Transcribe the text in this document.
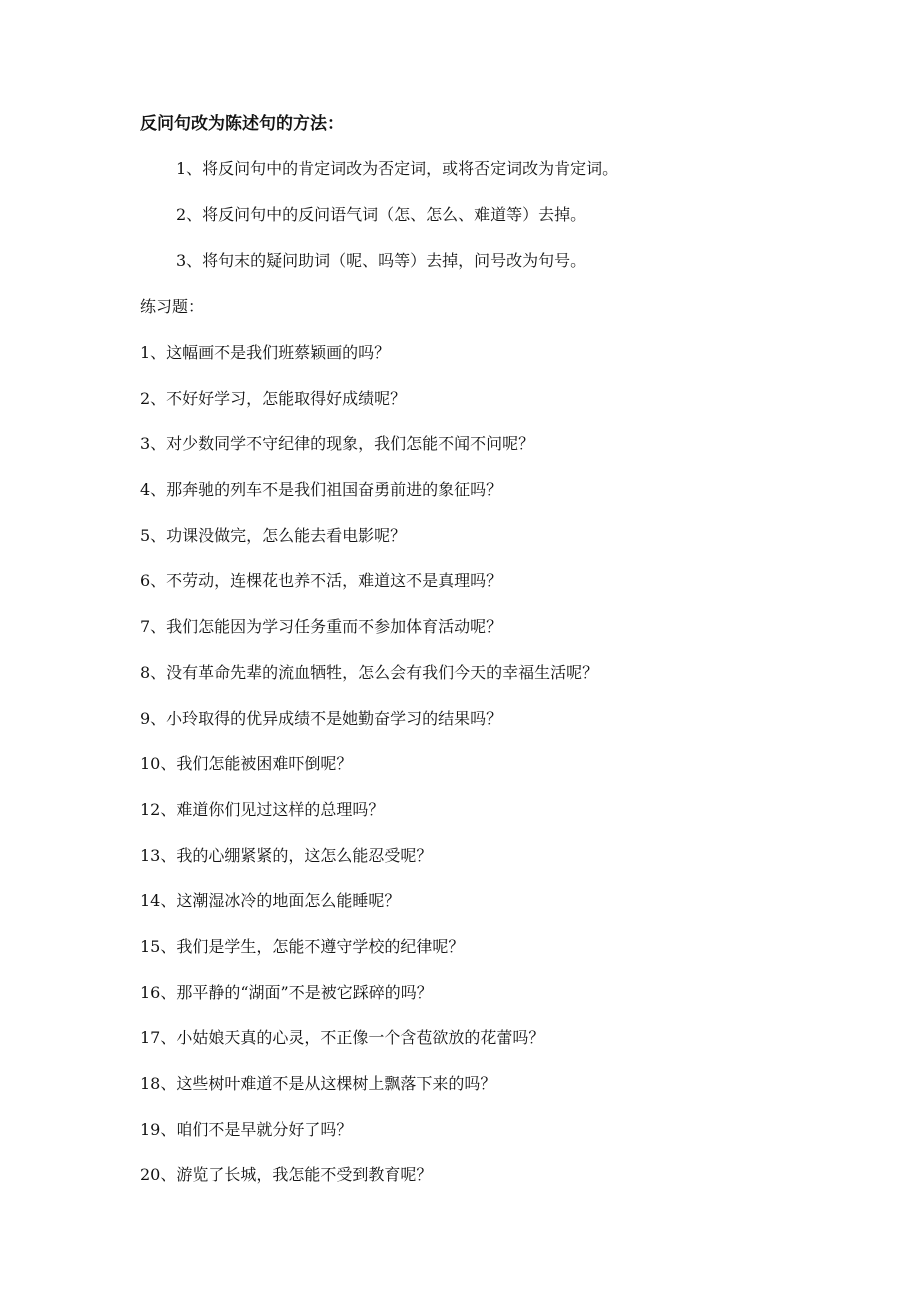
反问句改为陈述句的方法：
1、将反问句中的肯定词改为否定词，或将否定词改为肯定词。
2、将反问句中的反问语气词（怎、怎么、难道等）去掉。
3、将句末的疑问助词（呢、吗等）去掉，问号改为句号。
练习题：
1、这幅画不是我们班蔡颖画的吗？
2、不好好学习，怎能取得好成绩呢？
3、对少数同学不守纪律的现象，我们怎能不闻不问呢？
4、那奔驰的列车不是我们祖国奋勇前进的象征吗？
5、功课没做完，怎么能去看电影呢？
6、不劳动，连棵花也养不活，难道这不是真理吗？
7、我们怎能因为学习任务重而不参加体育活动呢？
8、没有革命先辈的流血牺牲，怎么会有我们今天的幸福生活呢？
9、小玲取得的优异成绩不是她勤奋学习的结果吗？
10、我们怎能被困难吓倒呢？
12、难道你们见过这样的总理吗？
13、我的心绷紧紧的，这怎么能忍受呢？
14、这潮湿冰冷的地面怎么能睡呢？
15、我们是学生，怎能不遵守学校的纪律呢？
16、那平静的“湖面”不是被它踩碎的吗？
17、小姑娘天真的心灵，不正像一个含苞欲放的花蕾吗？
18、这些树叶难道不是从这棵树上飘落下来的吗？
19、咱们不是早就分好了吗？
20、游览了长城，我怎能不受到教育呢？
